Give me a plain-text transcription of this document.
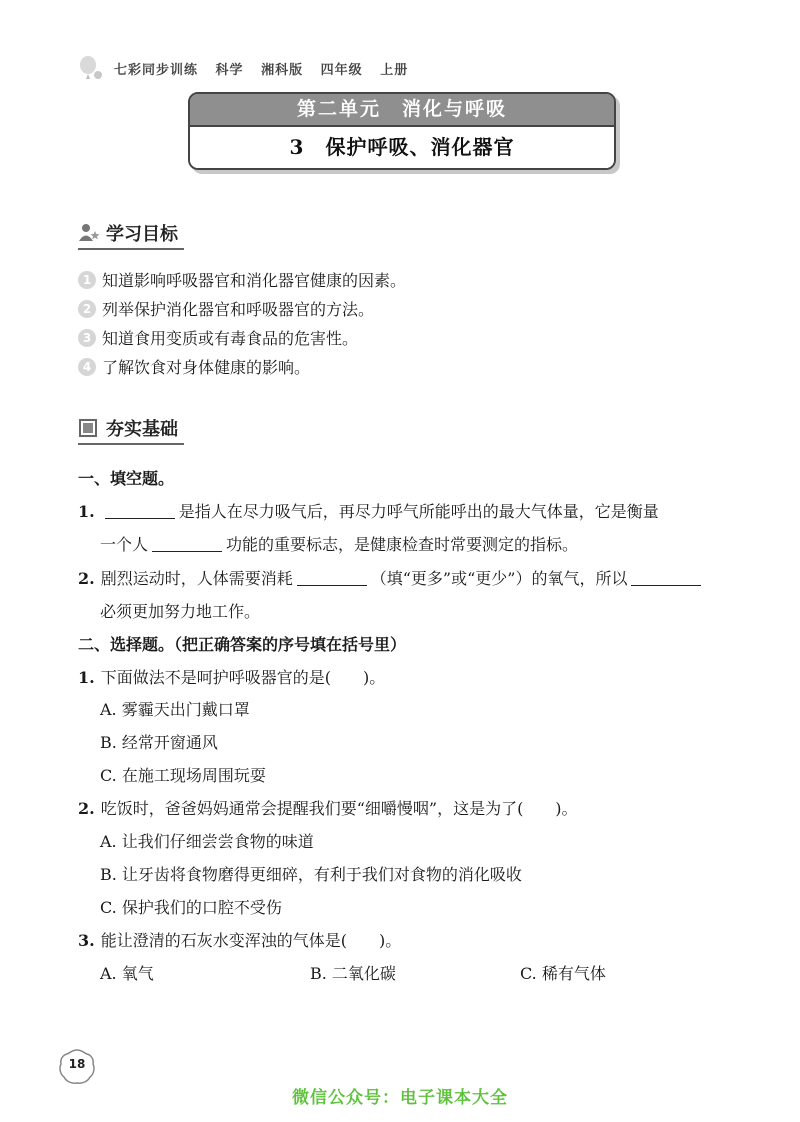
七彩同步训练 科学 湘科版 四年级 上册
第二单元　消化与呼吸
3　保护呼吸、消化器官
学习目标
1 知道影响呼吸器官和消化器官健康的因素。
2 列举保护消化器官和呼吸器官的方法。
3 知道食用变质或有毒食品的危害性。
4 了解饮食对身体健康的影响。
夯实基础
一、填空题。
1.	是指人在尽力吸气后，再尽力呼气所能呼出的最大气体量，它是衡量
一个人	功能的重要标志，是健康检查时常要测定的指标。
2. 剧烈运动时，人体需要消耗	（填“更多”或“更少”）的氧气，所以
必须更加努力地工作。
二、选择题。（把正确答案的序号填在括号里）
1. 下面做法不是呵护呼吸器官的是(　　)。
A. 雾霾天出门戴口罩
B. 经常开窗通风
C. 在施工现场周围玩耍
2. 吃饭时，爸爸妈妈通常会提醒我们要“细嚼慢咽”，这是为了(　　)。
A. 让我们仔细尝尝食物的味道
B. 让牙齿将食物磨得更细碎，有利于我们对食物的消化吸收
C. 保护我们的口腔不受伤
3. 能让澄清的石灰水变浑浊的气体是(　　)。
A. 氧气	B. 二氧化碳	C. 稀有气体
18
微信公众号：电子课本大全
